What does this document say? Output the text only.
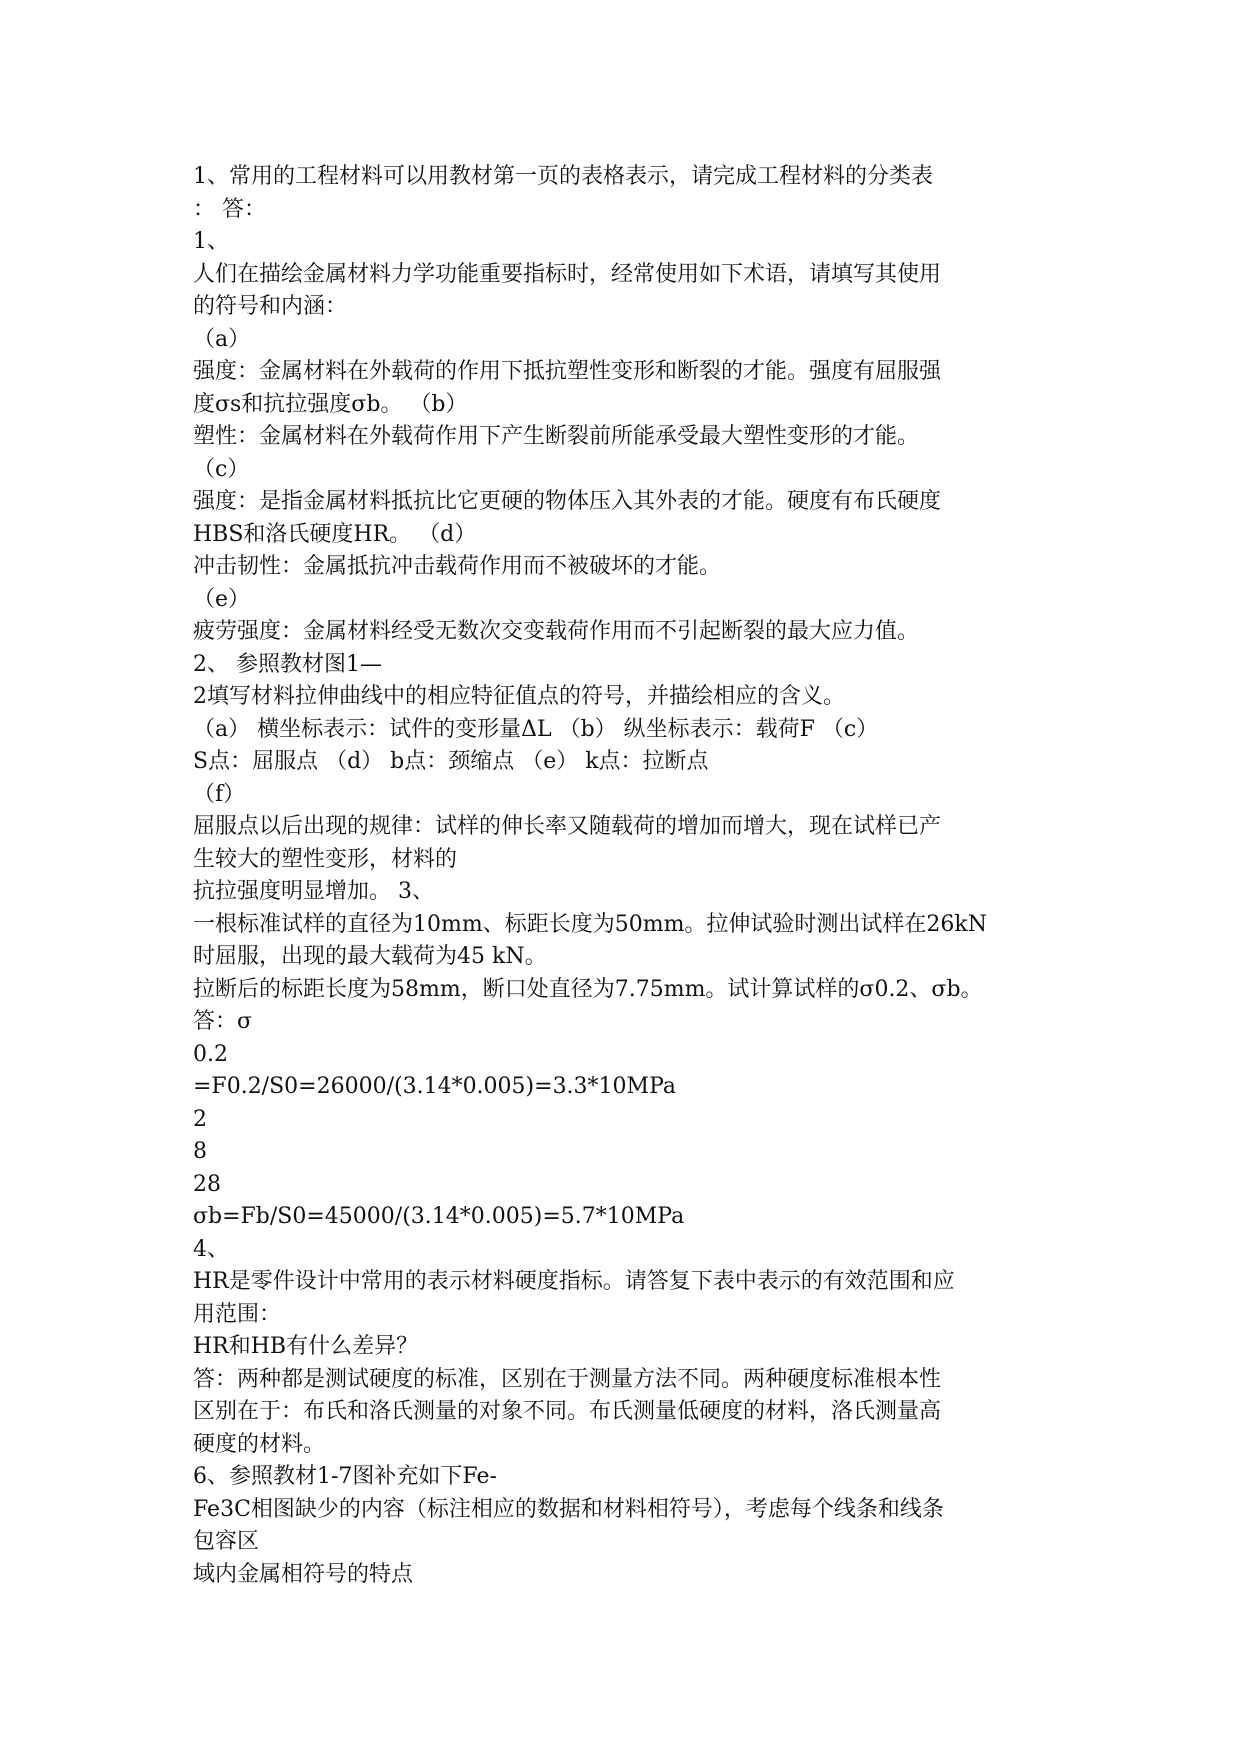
1、常用的工程材料可以用教材第一页的表格表示，请完成工程材料的分类表
： 答：
1、
人们在描绘金属材料力学功能重要指标时，经常使用如下术语，请填写其使用
的符号和内涵：
（a）
强度：金属材料在外载荷的作用下抵抗塑性变形和断裂的才能。强度有屈服强
度σs和抗拉强度σb。 （b）
塑性：金属材料在外载荷作用下产生断裂前所能承受最大塑性变形的才能。
（c）
强度：是指金属材料抵抗比它更硬的物体压入其外表的才能。硬度有布氏硬度
HBS和洛氏硬度HR。 （d）
冲击韧性：金属抵抗冲击载荷作用而不被破坏的才能。
（e）
疲劳强度：金属材料经受无数次交变载荷作用而不引起断裂的最大应力值。
2、 参照教材图1—
2填写材料拉伸曲线中的相应特征值点的符号，并描绘相应的含义。
（a） 横坐标表示：试件的变形量ΔL （b） 纵坐标表示：载荷F （c）
S点：屈服点 （d） b点：颈缩点 （e） k点：拉断点
（f）
屈服点以后出现的规律：试样的伸长率又随载荷的增加而增大，现在试样已产
生较大的塑性变形，材料的
抗拉强度明显增加。 3、
一根标准试样的直径为10mm、标距长度为50mm。拉伸试验时测出试样在26kN
时屈服，出现的最大载荷为45 kN。
拉断后的标距长度为58mm，断口处直径为7.75mm。试计算试样的σ0.2、σb。
答：σ
0.2
=F0.2/S0=26000/(3.14*0.005)=3.3*10MPa
2
8
28
σb=Fb/S0=45000/(3.14*0.005)=5.7*10MPa
4、
HR是零件设计中常用的表示材料硬度指标。请答复下表中表示的有效范围和应
用范围：
HR和HB有什么差异？
答：两种都是测试硬度的标准，区别在于测量方法不同。两种硬度标准根本性
区别在于：布氏和洛氏测量的对象不同。布氏测量低硬度的材料，洛氏测量高
硬度的材料。
6、参照教材1-7图补充如下Fe-
Fe3C相图缺少的内容（标注相应的数据和材料相符号），考虑每个线条和线条
包容区
域内金属相符号的特点
